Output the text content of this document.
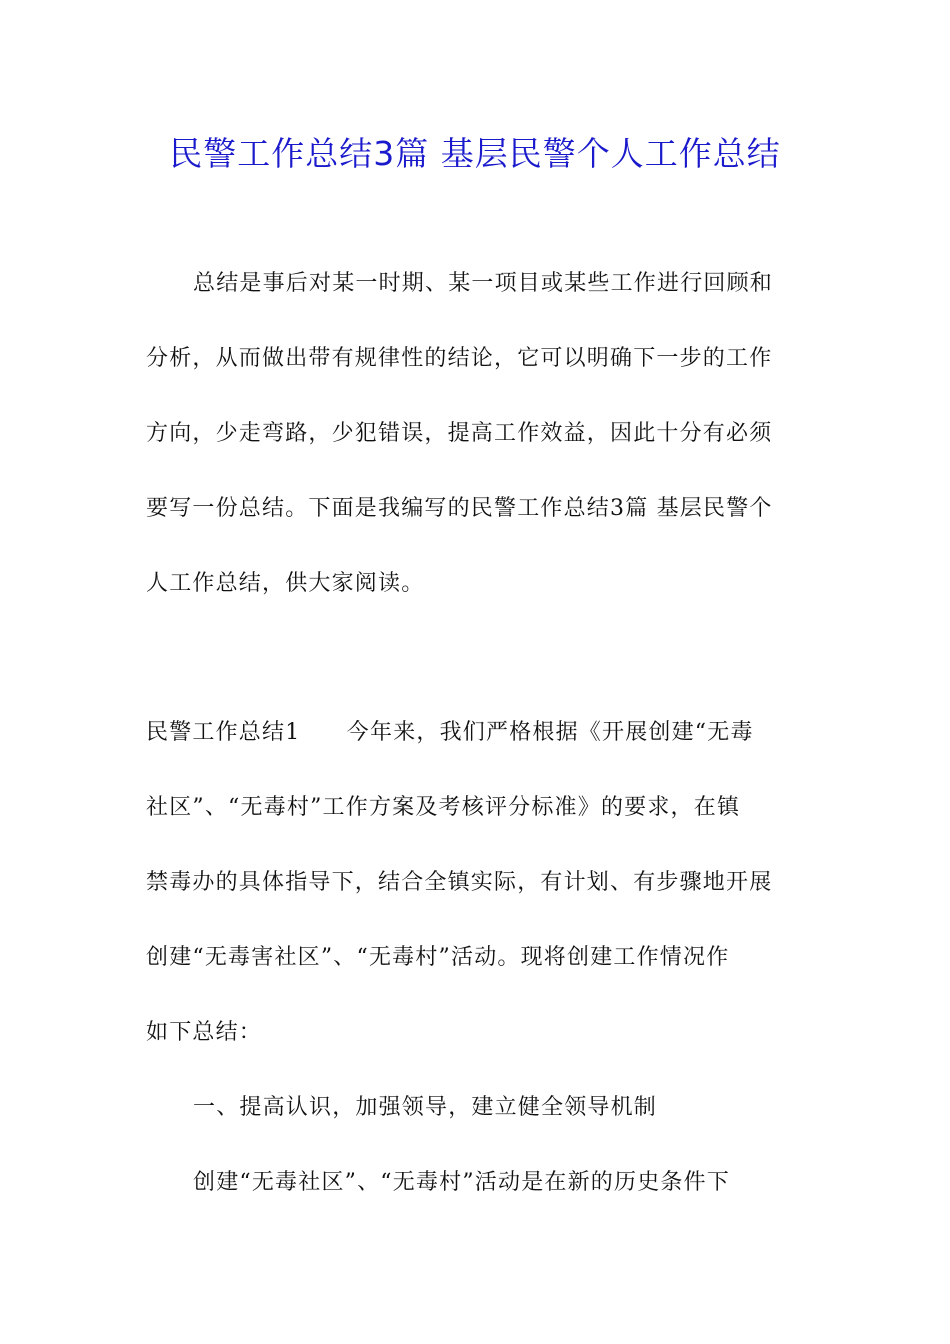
民警工作总结3篇 基层民警个人工作总结
总结是事后对某一时期、某一项目或某些工作进行回顾和
分析，从而做出带有规律性的结论，它可以明确下一步的工作
方向，少走弯路，少犯错误，提高工作效益，因此十分有必须
要写一份总结。下面是我编写的民警工作总结3篇 基层民警个
人工作总结，供大家阅读。
民警工作总结1　　今年来，我们严格根据《开展创建“无毒
社区”、“无毒村”工作方案及考核评分标准》的要求，在镇
禁毒办的具体指导下，结合全镇实际，有计划、有步骤地开展
创建“无毒害社区”、“无毒村”活动。现将创建工作情况作
如下总结：
一、提高认识，加强领导，建立健全领导机制
创建“无毒社区”、“无毒村”活动是在新的历史条件下
